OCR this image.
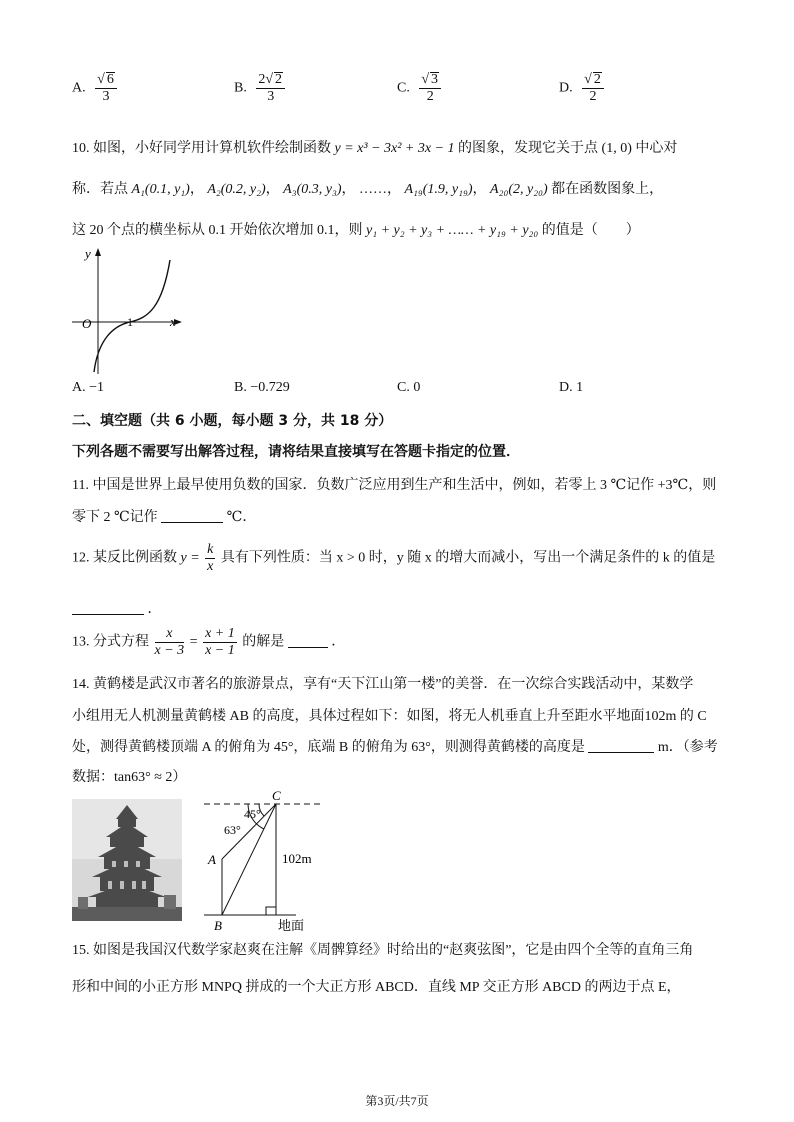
A. $\frac{√ 6}{3}$	B. $\frac{2√ 2}{3}$	C. $\frac{√ 3}{2}$	D. $\frac{√ 2}{2}$
10. 如图，小好同学用计算机软件绘制函数 y = x³ − 3x² + 3x − 1 的图象，发现它关于点 (1, 0) 中心对
称．若点 A₁(0.1, y₁)， A₂(0.2, y₂)， A₃(0.3, y₃)， ……， A₁₉(1.9, y₁₉)， A₂₀(2, y₂₀) 都在函数图象上，
这 20 个点的横坐标从 0.1 开始依次增加 0.1，则 y₁ + y₂ + y₃ + …… + y₁₉ + y₂₀ 的值是（　　）
y
x
O	1
A. −1	B. −0.729	C. 0	D. 1
二、填空题（共 6 小题，每小题 3 分，共 18 分）
下列各题不需要写出解答过程，请将结果直接填写在答题卡指定的位置．
11. 中国是世界上最早使用负数的国家．负数广泛应用到生产和生活中，例如，若零上 3 ℃记作 +3℃，则
零下 2 ℃记作	℃．
12. 某反比例函数 $y = \frac{k}{x}$ 具有下列性质：当 x > 0 时，y 随 x 的增大而减小，写出一个满足条件的 k 的值是
．
13. 分式方程 $\frac{x}{x - 3} = \frac{x + 1}{x - 1}$ 的解是	．
14. 黄鹤楼是武汉市著名的旅游景点，享有“天下江山第一楼”的美誉．在一次综合实践活动中，某数学
小组用无人机测量黄鹤楼 AB 的高度，具体过程如下：如图，将无人机垂直上升至距水平地面102m 的 C
处，测得黄鹤楼顶端 A 的俯角为 45°，底端 B 的俯角为 63°，则测得黄鹤楼的高度是	m．（参考
数据：tan63° ≈ 2）
C
A
B
45°
63°
102m
地面
15. 如图是我国汉代数学家赵爽在注解《周髀算经》时给出的“赵爽弦图”，它是由四个全等的直角三角
形和中间的小正方形 MNPQ 拼成的一个大正方形 ABCD．直线 MP 交正方形 ABCD 的两边于点 E，
第3页/共7页
